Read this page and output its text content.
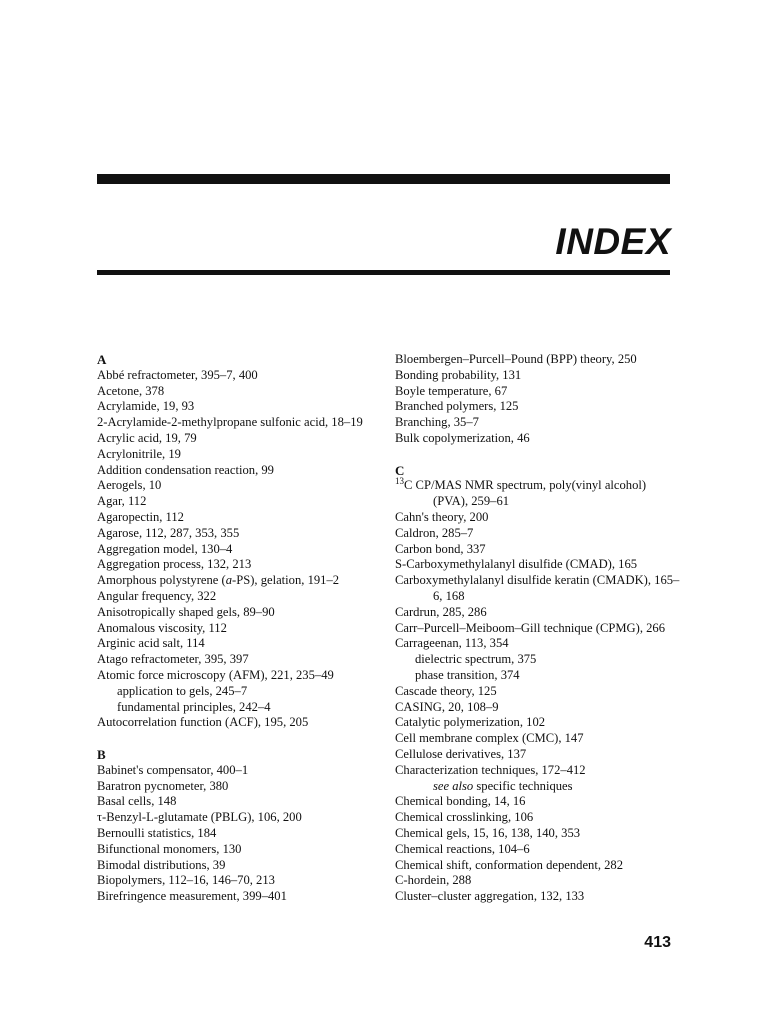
INDEX

A

Abbé refractometer, 395–7, 400

Acetone, 378

Acrylamide, 19, 93

2-Acrylamide-2-methylpropane sulfonic acid, 18–19

Acrylic acid, 19, 79

Acrylonitrile, 19

Addition condensation reaction, 99

Aerogels, 10

Agar, 112

Agaropectin, 112

Agarose, 112, 287, 353, 355

Aggregation model, 130–4

Aggregation process, 132, 213

Amorphous polystyrene (a-PS), gelation, 191–2

Angular frequency, 322

Anisotropically shaped gels, 89–90

Anomalous viscosity, 112

Arginic acid salt, 114

Atago refractometer, 395, 397

Atomic force microscopy (AFM), 221, 235–49

application to gels, 245–7

fundamental principles, 242–4

Autocorrelation function (ACF), 195, 205

B

Babinet's compensator, 400–1

Baratron pycnometer, 380

Basal cells, 148

τ-Benzyl-L-glutamate (PBLG), 106, 200

Bernoulli statistics, 184

Bifunctional monomers, 130

Bimodal distributions, 39

Biopolymers, 112–16, 146–70, 213

Birefringence measurement, 399–401

Bloembergen–Purcell–Pound (BPP) theory, 250

Bonding probability, 131

Boyle temperature, 67

Branched polymers, 125

Branching, 35–7

Bulk copolymerization, 46

C

$^{13}$C CP/MAS NMR spectrum, poly(vinyl alcohol) (PVA), 259–61

Cahn's theory, 200

Caldron, 285–7

Carbon bond, 337

S-Carboxymethylalanyl disulfide (CMAD), 165

Carboxymethylalanyl disulfide keratin (CMADK), 165–6, 168

Cardrun, 285, 286

Carr–Purcell–Meiboom–Gill technique (CPMG), 266

Carrageenan, 113, 354

dielectric spectrum, 375

phase transition, 374

Cascade theory, 125

CASING, 20, 108–9

Catalytic polymerization, 102

Cell membrane complex (CMC), 147

Cellulose derivatives, 137

Characterization techniques, 172–412

see also specific techniques

Chemical bonding, 14, 16

Chemical crosslinking, 106

Chemical gels, 15, 16, 138, 140, 353

Chemical reactions, 104–6

Chemical shift, conformation dependent, 282

C-hordein, 288

Cluster–cluster aggregation, 132, 133

413
